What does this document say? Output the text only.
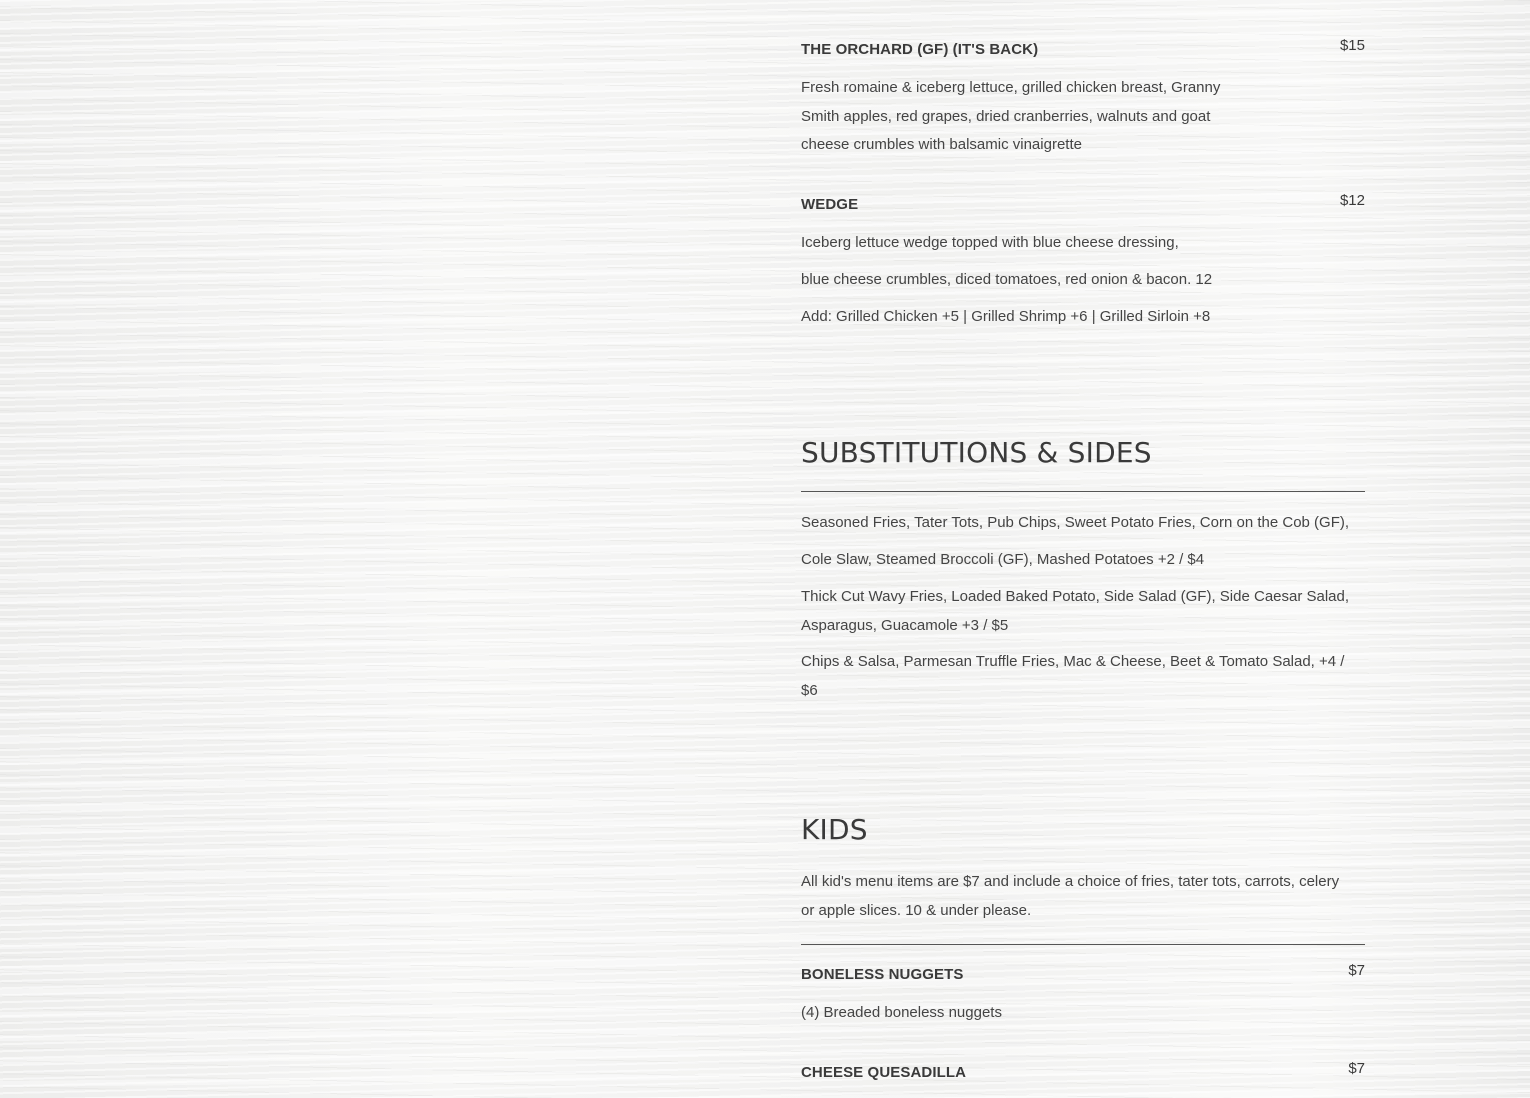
THE ORCHARD (GF) (IT'S BACK)	$15
Fresh romaine & iceberg lettuce, grilled chicken breast, Granny
Smith apples, red grapes, dried cranberries, walnuts and goat
cheese crumbles with balsamic vinaigrette
WEDGE	$12
Iceberg lettuce wedge topped with blue cheese dressing,
blue cheese crumbles, diced tomatoes, red onion & bacon. 12
Add: Grilled Chicken +5 | Grilled Shrimp +6 | Grilled Sirloin +8
SUBSTITUTIONS & SIDES
Seasoned Fries, Tater Tots, Pub Chips, Sweet Potato Fries, Corn on the Cob (GF),
Cole Slaw, Steamed Broccoli (GF), Mashed Potatoes +2 / $4
Thick Cut Wavy Fries, Loaded Baked Potato, Side Salad (GF), Side Caesar Salad,
Asparagus, Guacamole +3 / $5
Chips & Salsa, Parmesan Truffle Fries, Mac & Cheese, Beet & Tomato Salad, +4 /
$6
KIDS
All kid's menu items are $7 and include a choice of fries, tater tots, carrots, celery
or apple slices. 10 & under please.
BONELESS NUGGETS	$7
(4) Breaded boneless nuggets
CHEESE QUESADILLA	$7
